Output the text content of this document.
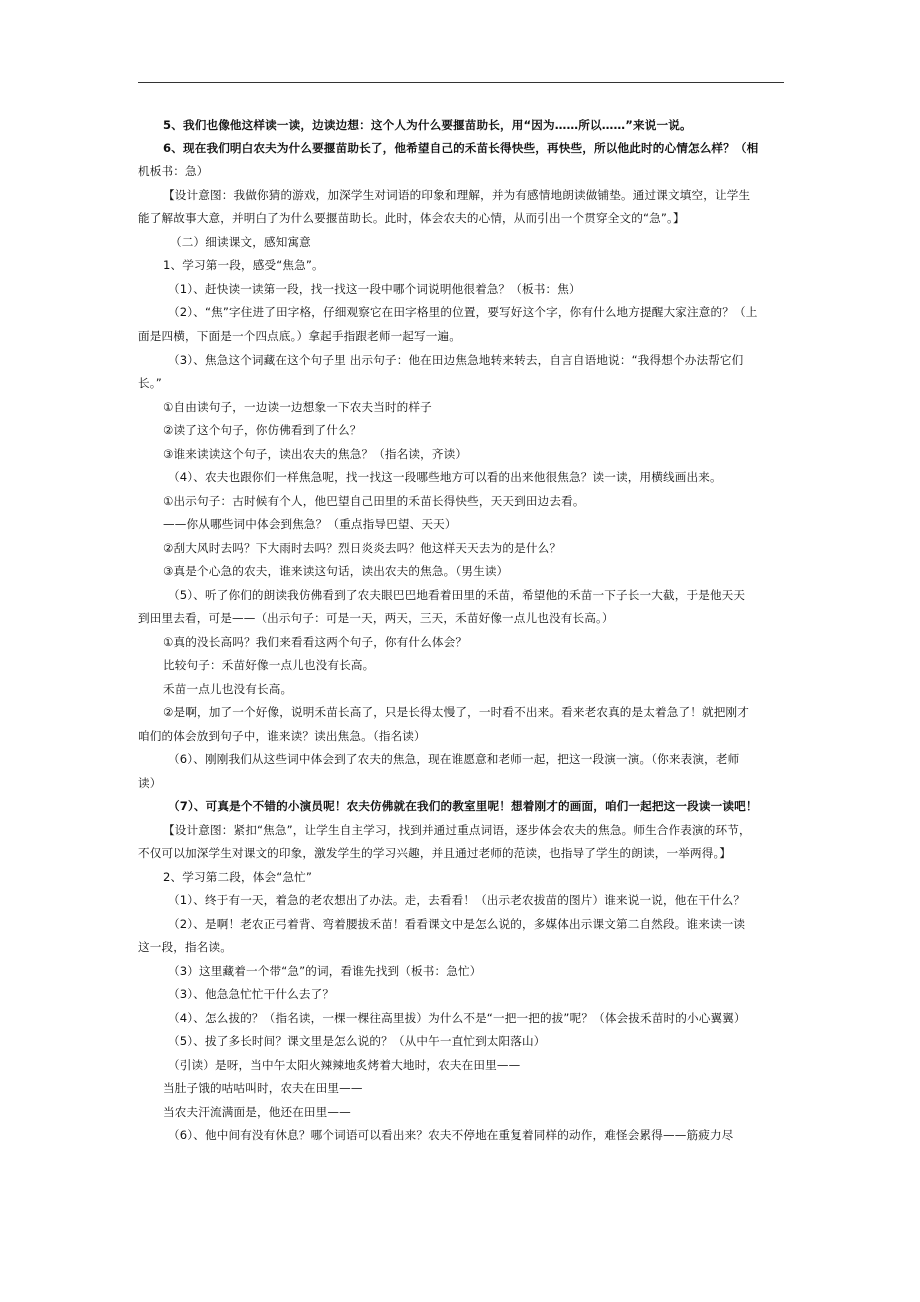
5、我们也像他这样读一读，边读边想：这个人为什么要揠苗助长，用“因为……所以……”来说一说。
6、现在我们明白农夫为什么要揠苗助长了，他希望自己的禾苗长得快些，再快些，所以他此时的心情怎么样？（相
机板书：急）
【设计意图：我做你猜的游戏，加深学生对词语的印象和理解，并为有感情地朗读做铺垫。通过课文填空，让学生
能了解故事大意，并明白了为什么要揠苗助长。此时，体会农夫的心情，从而引出一个贯穿全文的“急”。】
（二）细读课文，感知寓意
1、学习第一段，感受“焦急”。
（1）、赶快读一读第一段，找一找这一段中哪个词说明他很着急？（板书：焦）
（2）、“焦”字住进了田字格，仔细观察它在田字格里的位置，要写好这个字，你有什么地方提醒大家注意的？（上
面是四横，下面是一个四点底。）拿起手指跟老师一起写一遍。
（3）、焦急这个词藏在这个句子里 出示句子：他在田边焦急地转来转去，自言自语地说：“我得想个办法帮它们
长。”
①自由读句子，一边读一边想象一下农夫当时的样子
②读了这个句子，你仿佛看到了什么？
③谁来读读这个句子，读出农夫的焦急？（指名读，齐读）
（4）、农夫也跟你们一样焦急呢，找一找这一段哪些地方可以看的出来他很焦急？读一读，用横线画出来。
①出示句子：古时候有个人，他巴望自己田里的禾苗长得快些，天天到田边去看。
——你从哪些词中体会到焦急？（重点指导巴望、天天）
②刮大风时去吗？下大雨时去吗？烈日炎炎去吗？他这样天天去为的是什么？
③真是个心急的农夫，谁来读这句话，读出农夫的焦急。（男生读）
（5）、听了你们的朗读我仿佛看到了农夫眼巴巴地看着田里的禾苗，希望他的禾苗一下子长一大截，于是他天天
到田里去看，可是——（出示句子：可是一天，两天，三天，禾苗好像一点儿也没有长高。）
①真的没长高吗？我们来看看这两个句子，你有什么体会？
比较句子：禾苗好像一点儿也没有长高。
禾苗一点儿也没有长高。
②是啊，加了一个好像，说明禾苗长高了，只是长得太慢了，一时看不出来。看来老农真的是太着急了！就把刚才
咱们的体会放到句子中，谁来读？读出焦急。（指名读）
（6）、刚刚我们从这些词中体会到了农夫的焦急，现在谁愿意和老师一起，把这一段演一演。（你来表演，老师
读）
（7）、可真是个不错的小演员呢！农夫仿佛就在我们的教室里呢！想着刚才的画面，咱们一起把这一段读一读吧！
【设计意图：紧扣“焦急”，让学生自主学习，找到并通过重点词语，逐步体会农夫的焦急。师生合作表演的环节，
不仅可以加深学生对课文的印象，激发学生的学习兴趣，并且通过老师的范读，也指导了学生的朗读，一举两得。】
2、学习第二段，体会“急忙”
（1）、终于有一天，着急的老农想出了办法。走，去看看！（出示老农拔苗的图片）谁来说一说，他在干什么？
（2）、是啊！老农正弓着背、弯着腰拔禾苗！看看课文中是怎么说的，多媒体出示课文第二自然段。谁来读一读
这一段，指名读。
（3）这里藏着一个带“急”的词，看谁先找到（板书：急忙）
（3）、他急急忙忙干什么去了？
（4）、怎么拔的？（指名读，一棵一棵往高里拔）为什么不是“一把一把的拔”呢？（体会拔禾苗时的小心翼翼）
（5）、拔了多长时间？课文里是怎么说的？（从中午一直忙到太阳落山）
（引读）是呀，当中午太阳火辣辣地炙烤着大地时，农夫在田里——
当肚子饿的咕咕叫时，农夫在田里——
当农夫汗流满面是，他还在田里——
（6）、他中间有没有休息？哪个词语可以看出来？农夫不停地在重复着同样的动作，难怪会累得——筋疲力尽
